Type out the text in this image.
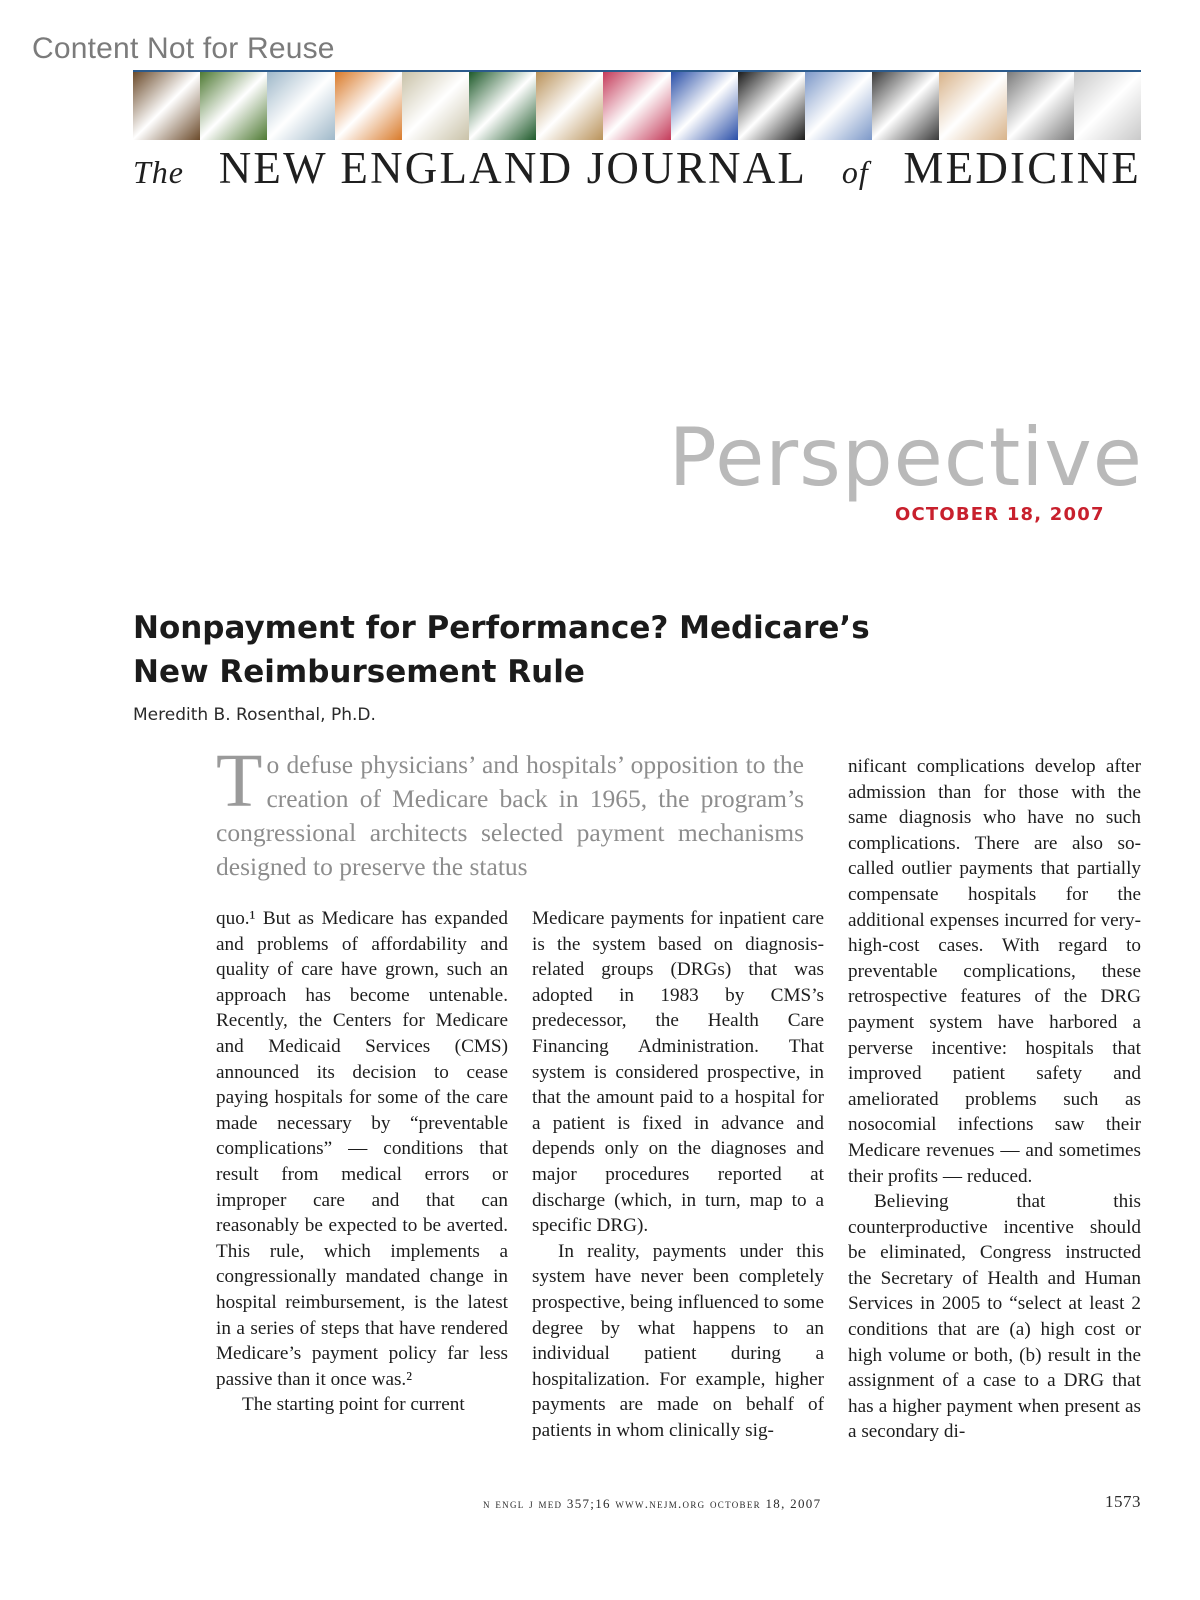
Content Not for Reuse
The NEW ENGLAND JOURNAL of MEDICINE
Perspective
OCTOBER 18, 2007
Nonpayment for Performance? Medicare’s New Reimbursement Rule
Meredith B. Rosenthal, Ph.D.

To defuse physicians’ and hospitals’ opposition to the creation of Medicare back in 1965, the program’s congressional architects selected payment mechanisms designed to preserve the status

quo.¹ But as Medicare has expanded and problems of affordability and quality of care have grown, such an approach has become untenable. Recently, the Centers for Medicare and Medicaid Services (CMS) announced its decision to cease paying hospitals for some of the care made necessary by “preventable complications” — conditions that result from medical errors or improper care and that can reasonably be expected to be averted. This rule, which implements a congressionally mandated change in hospital reimbursement, is the latest in a series of steps that have rendered Medicare’s payment policy far less passive than it once was.²

The starting point for current

Medicare payments for inpatient care is the system based on diagnosis-related groups (DRGs) that was adopted in 1983 by CMS’s predecessor, the Health Care Financing Administration. That system is considered prospective, in that the amount paid to a hospital for a patient is fixed in advance and depends only on the diagnoses and major procedures reported at discharge (which, in turn, map to a specific DRG).

In reality, payments under this system have never been completely prospective, being influenced to some degree by what happens to an individual patient during a hospitalization. For example, higher payments are made on behalf of patients in whom clinically sig-

nificant complications develop after admission than for those with the same diagnosis who have no such complications. There are also so-called outlier payments that partially compensate hospitals for the additional expenses incurred for very-high-cost cases. With regard to preventable complications, these retrospective features of the DRG payment system have harbored a perverse incentive: hospitals that improved patient safety and ameliorated problems such as nosocomial infections saw their Medicare revenues — and sometimes their profits — reduced.

Believing that this counterproductive incentive should be eliminated, Congress instructed the Secretary of Health and Human Services in 2005 to “select at least 2 conditions that are (a) high cost or high volume or both, (b) result in the assignment of a case to a DRG that has a higher payment when present as a secondary di-

n engl j med 357;16 www.nejm.org october 18, 2007	1573
